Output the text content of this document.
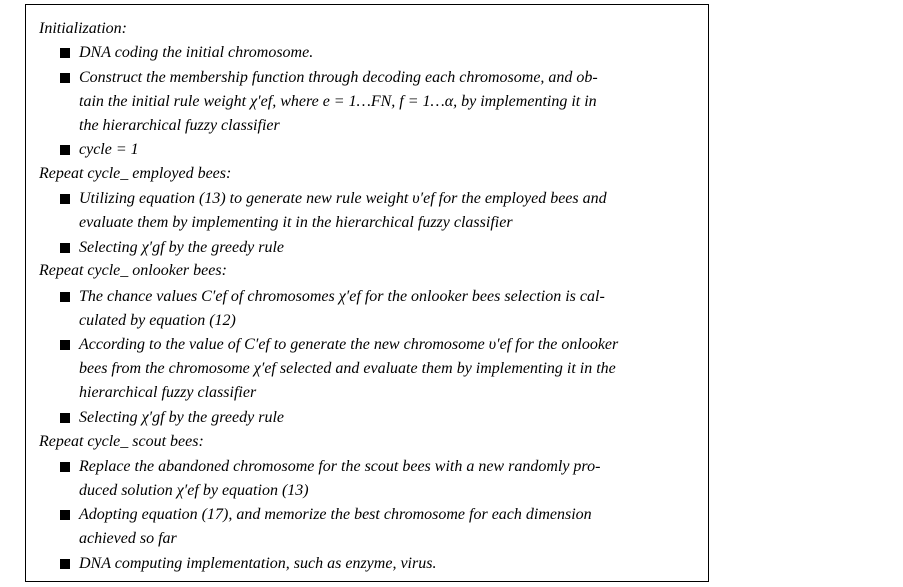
Initialization:
DNA coding the initial chromosome.
Construct the membership function through decoding each chromosome, and ob-
tain the initial rule weight χ′ef, where e = 1…FN, f = 1…α, by implementing it in
the hierarchical fuzzy classifier
cycle = 1
Repeat cycle_ employed bees:
Utilizing equation (13) to generate new rule weight υ′ef for the employed bees and
evaluate them by implementing it in the hierarchical fuzzy classifier
Selecting χ′gf by the greedy rule
Repeat cycle_ onlooker bees:
The chance values C′ef of chromosomes χ′ef for the onlooker bees selection is cal-
culated by equation (12)
According to the value of C′ef to generate the new chromosome υ′ef for the onlooker
bees from the chromosome χ′ef selected and evaluate them by implementing it in the
hierarchical fuzzy classifier
Selecting χ′gf by the greedy rule
Repeat cycle_ scout bees:
Replace the abandoned chromosome for the scout bees with a new randomly pro-
duced solution χ′ef by equation (13)
Adopting equation (17), and memorize the best chromosome for each dimension
achieved so far
DNA computing implementation, such as enzyme, virus.
